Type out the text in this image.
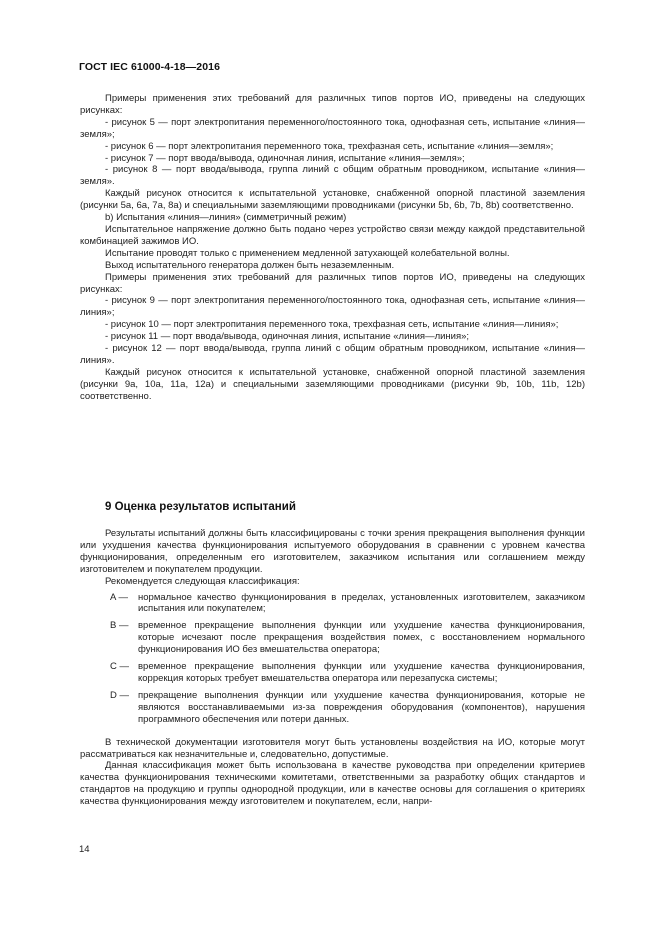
ГОСТ IEC 61000-4-18—2016

Примеры применения этих требований для различных типов портов ИО, приведены на следующих рисунках:

- рисунок 5 — порт электропитания переменного/постоянного тока, однофазная сеть, испытание «линия—земля»;

- рисунок 6 — порт электропитания переменного тока, трехфазная сеть, испытание «линия—земля»;

- рисунок 7 — порт ввода/вывода, одиночная линия, испытание «линия—земля»;

- рисунок 8 — порт ввода/вывода, группа линий с общим обратным проводником, испытание «линия—земля».

Каждый рисунок относится к испытательной установке, снабженной опорной пластиной заземления (рисунки 5а, 6а, 7а, 8а) и специальными заземляющими проводниками (рисунки 5b, 6b, 7b, 8b) соответственно.

b) Испытания «линия—линия» (симметричный режим)

Испытательное напряжение должно быть подано через устройство связи между каждой представительной комбинацией зажимов ИО.

Испытание проводят только с применением медленной затухающей колебательной волны.

Выход испытательного генератора должен быть незаземленным.

Примеры применения этих требований для различных типов портов ИО, приведены на следующих рисунках:

- рисунок 9 — порт электропитания переменного/постоянного тока, однофазная сеть, испытание «линия—линия»;

- рисунок 10 — порт электропитания переменного тока, трехфазная сеть, испытание «линия—линия»;

- рисунок 11 — порт ввода/вывода, одиночная линия, испытание «линия—линия»;

- рисунок 12 — порт ввода/вывода, группа линий с общим обратным проводником, испытание «линия—линия».

Каждый рисунок относится к испытательной установке, снабженной опорной пластиной заземления (рисунки 9а, 10а, 11а, 12а) и специальными заземляющими проводниками (рисунки 9b, 10b, 11b, 12b) соответственно.

9 Оценка результатов испытаний

Результаты испытаний должны быть классифицированы с точки зрения прекращения выполнения функции или ухудшения качества функционирования испытуемого оборудования в сравнении с уровнем качества функционирования, определенным его изготовителем, заказчиком испытания или соглашением между изготовителем и покупателем продукции.

Рекомендуется следующая классификация:

A —	нормальное качество функционирования в пределах, установленных изготовителем, заказчиком испытания или покупателем;
B —	временное прекращение выполнения функции или ухудшение качества функционирования, которые исчезают после прекращения воздействия помех, с восстановлением нормального функционирования ИО без вмешательства оператора;
C — временное прекращение выполнения функции или ухудшение качества функционирования, коррекция которых требует вмешательства оператора или перезапуска системы;
D — прекращение выполнения функции или ухудшение качества функционирования, которые не являются восстанавливаемыми из-за повреждения оборудования (компонентов), нарушения программного обеспечения или потери данных.

В технической документации изготовителя могут быть установлены воздействия на ИО, которые могут рассматриваться как незначительные и, следовательно, допустимые.

Данная классификация может быть использована в качестве руководства при определении критериев качества функционирования техническими комитетами, ответственными за разработку общих стандартов и стандартов на продукцию и группы однородной продукции, или в качестве основы для соглашения о критериях качества функционирования между изготовителем и покупателем, если, напри-

14
